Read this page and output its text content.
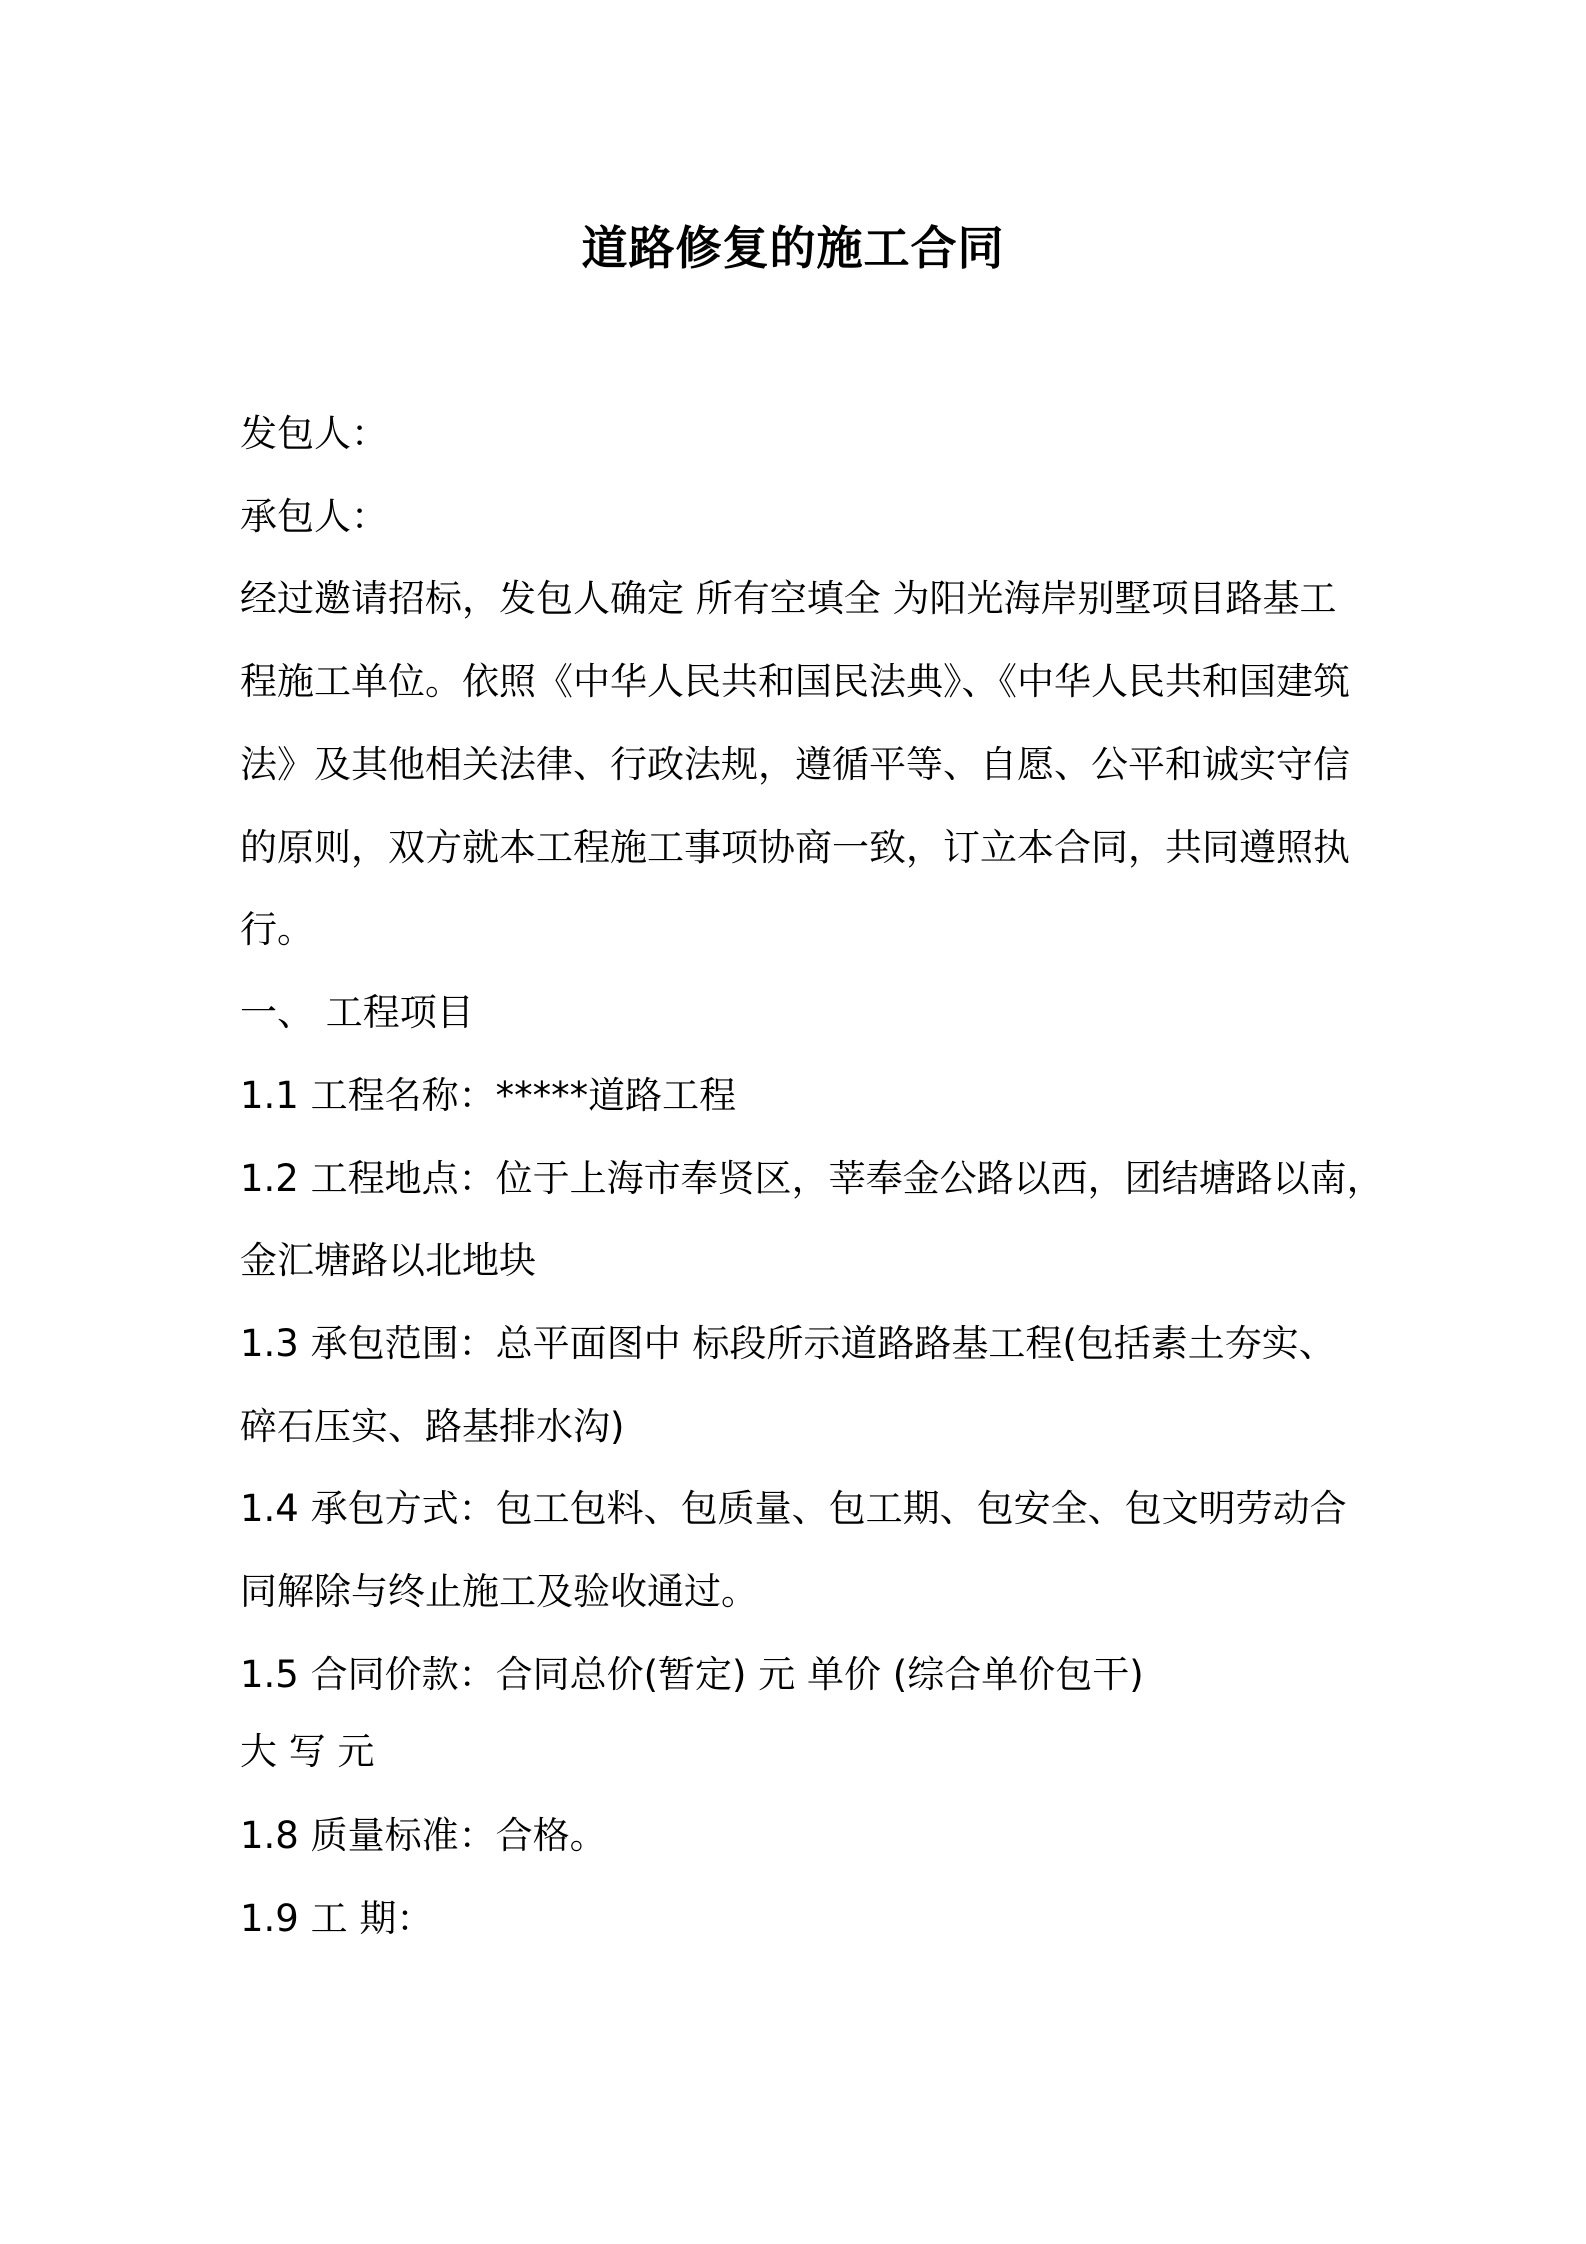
道路修复的施工合同
发包人：
承包人：
经过邀请招标，发包人确定 所有空填全 为阳光海岸别墅项目路基工
程施工单位。依照《中华人民共和国民法典》、《中华人民共和国建筑
法》及其他相关法律、行政法规，遵循平等、自愿、公平和诚实守信
的原则，双方就本工程施工事项协商一致，订立本合同，共同遵照执
行。
一、 工程项目
1.1 工程名称：*****道路工程
1.2 工程地点：位于上海市奉贤区，莘奉金公路以西，团结塘路以南，
金汇塘路以北地块
1.3 承包范围：总平面图中 标段所示道路路基工程(包括素土夯实、
碎石压实、路基排水沟)
1.4 承包方式：包工包料、包质量、包工期、包安全、包文明劳动合
同解除与终止施工及验收通过。
1.5 合同价款：合同总价(暂定) 元 单价 (综合单价包干)
大 写 元
1.8 质量标准：合格。
1.9 工 期：
